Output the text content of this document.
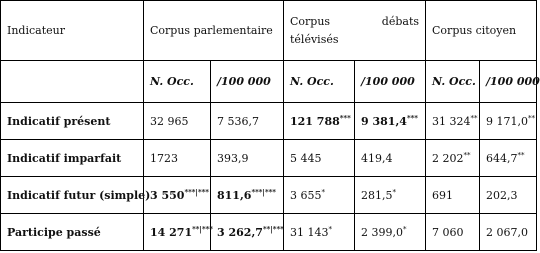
Indicateur	Corpus parlementaire		Corpus débats
télévisés		Corpus citoyen	
	N. Occ.	/100 000	N. Occ.	/100 000	N. Occ.	/100 000
Indicatif présent	32 965	7 536,7	121 788***	9 381,4***	31 324**	9 171,0**
Indicatif imparfait	1723	393,9	5 445	419,4	2 202**	644,7**
Indicatif futur (simple)	3 550***|***	811,6***|***	3 655*	281,5*	691	202,3
Participe passé	14 271**|***	3 262,7**|***	31 143*	2 399,0*	7 060	2 067,0
